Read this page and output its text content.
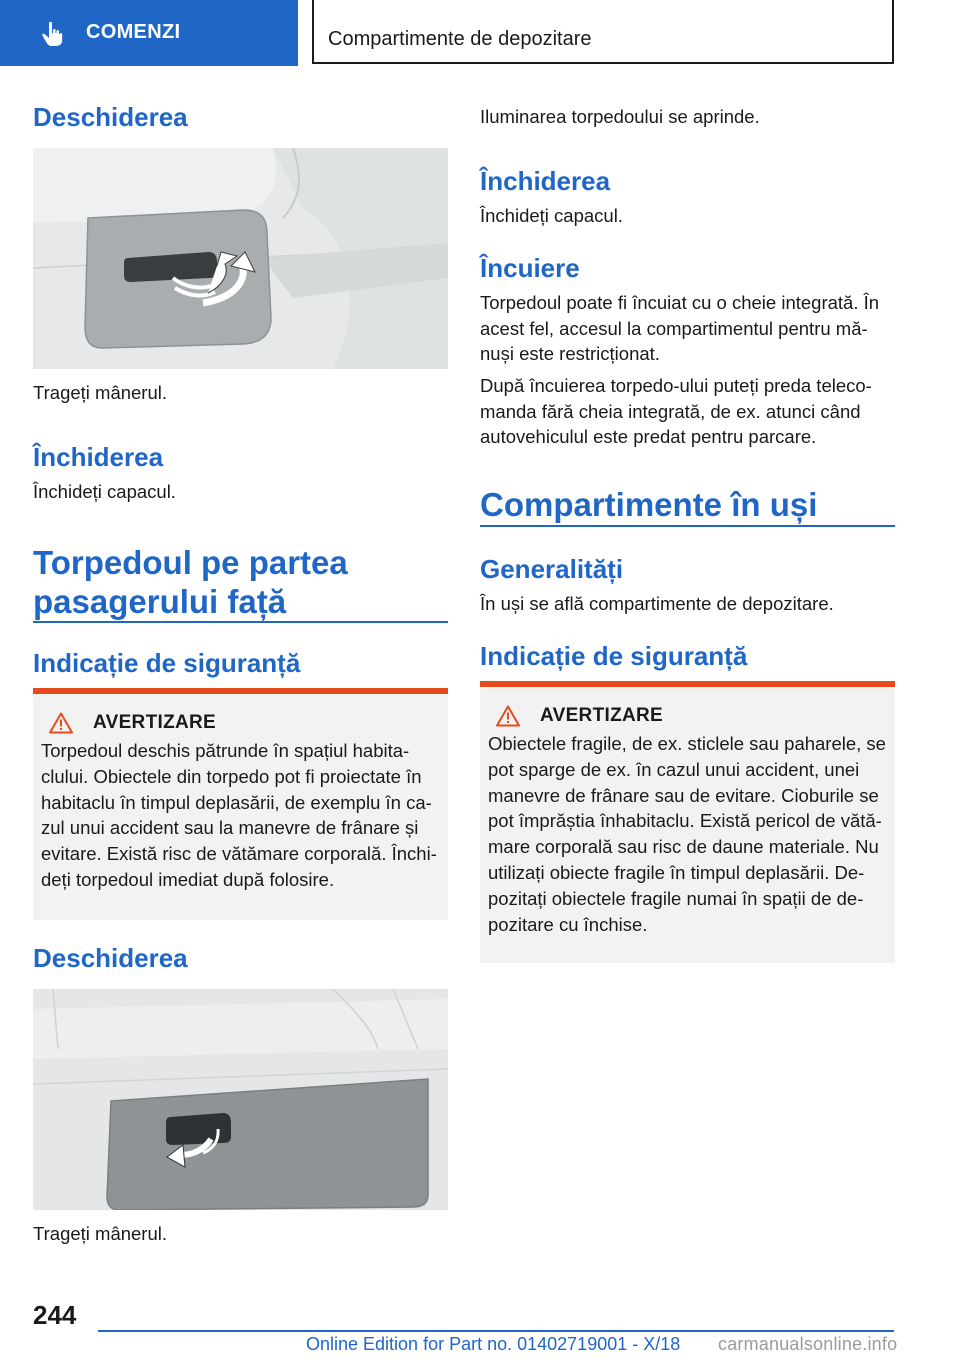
COMENZI	Compartimente de depozitare
Deschiderea

Trageți mânerul.

Închiderea

Închideți capacul.

Torpedoul pe partea pasagerului față
Indicație de siguranță
AVERTIZARE
Torpedoul deschis pătrunde în spațiul habita-clului. Obiectele din torpedo pot fi proiectate în habitaclu în timpul deplasării, de exemplu în ca-zul unui accident sau la manevre de frânare și evitare. Există risc de vătămare corporală. Închi-deți torpedoul imediat după folosire.
Deschiderea

Trageți mânerul.

Iluminarea torpedoului se aprinde.

Închiderea

Închideți capacul.

Încuiere

Torpedoul poate fi încuiat cu o cheie integrată. În acest fel, accesul la compartimentul pentru mă-nuși este restricționat.

După încuierea torpedo-ului puteți preda teleco-manda fără cheia integrată, de ex. atunci când autovehiculul este predat pentru parcare.

Compartimente în uși
Generalități

În uși se află compartimente de depozitare.

Indicație de siguranță
AVERTIZARE
Obiectele fragile, de ex. sticlele sau paharele, se pot sparge de ex. în cazul unui accident, unei manevre de frânare sau de evitare. Cioburile se pot împrăștia înhabitaclu. Există pericol de vătă-mare corporală sau risc de daune materiale. Nu utilizați obiecte fragile în timpul deplasării. De-pozitați obiectele fragile numai în spații de de-pozitare cu închise.
244
Online Edition for Part no. 01402719001 - X/18 carmanualsonline.info
